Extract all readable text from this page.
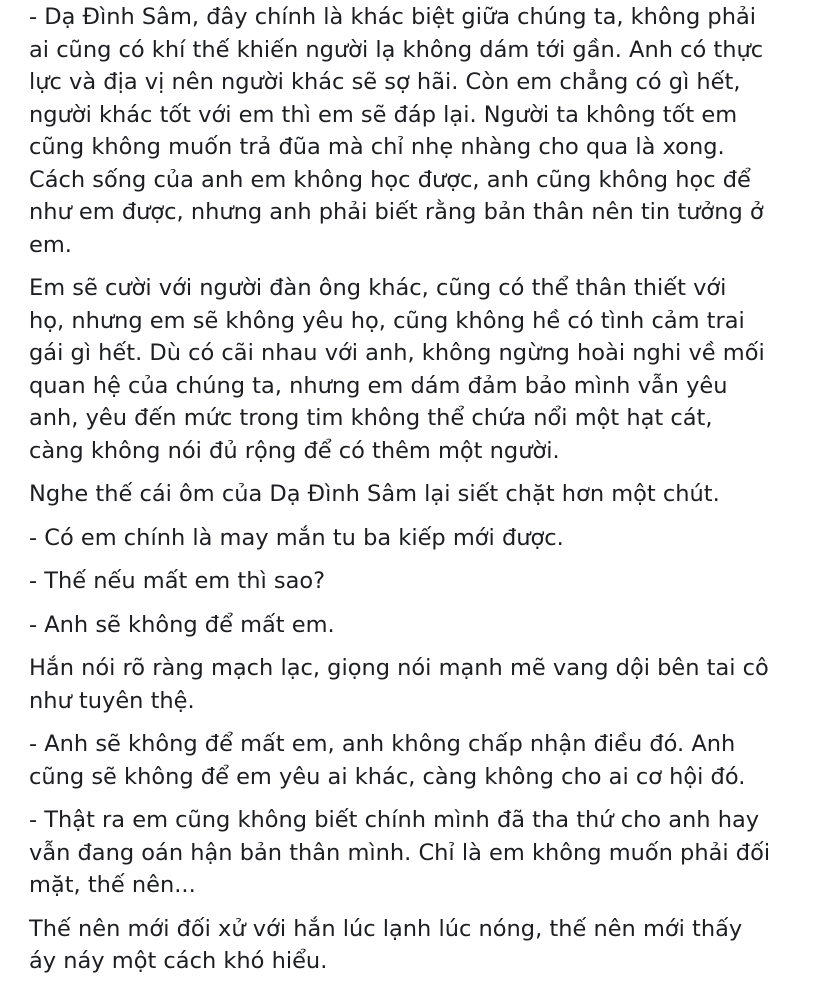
- Dạ Đình Sâm, đây chính là khác biệt giữa chúng ta, không phải
ai cũng có khí thế khiến người lạ không dám tới gần. Anh có thực
lực và địa vị nên người khác sẽ sợ hãi. Còn em chẳng có gì hết,
người khác tốt với em thì em sẽ đáp lại. Người ta không tốt em
cũng không muốn trả đũa mà chỉ nhẹ nhàng cho qua là xong.
Cách sống của anh em không học được, anh cũng không học để
như em được, nhưng anh phải biết rằng bản thân nên tin tưởng ở
em.

Em sẽ cười với người đàn ông khác, cũng có thể thân thiết với
họ, nhưng em sẽ không yêu họ, cũng không hề có tình cảm trai
gái gì hết. Dù có cãi nhau với anh, không ngừng hoài nghi về mối
quan hệ của chúng ta, nhưng em dám đảm bảo mình vẫn yêu
anh, yêu đến mức trong tim không thể chứa nổi một hạt cát,
càng không nói đủ rộng để có thêm một người.

Nghe thế cái ôm của Dạ Đình Sâm lại siết chặt hơn một chút.

- Có em chính là may mắn tu ba kiếp mới được.

- Thế nếu mất em thì sao?

- Anh sẽ không để mất em.

Hắn nói rõ ràng mạch lạc, giọng nói mạnh mẽ vang dội bên tai cô
như tuyên thệ.

- Anh sẽ không để mất em, anh không chấp nhận điều đó. Anh
cũng sẽ không để em yêu ai khác, càng không cho ai cơ hội đó.

- Thật ra em cũng không biết chính mình đã tha thứ cho anh hay
vẫn đang oán hận bản thân mình. Chỉ là em không muốn phải đối
mặt, thế nên...

Thế nên mới đối xử với hắn lúc lạnh lúc nóng, thế nên mới thấy
áy náy một cách khó hiểu.
